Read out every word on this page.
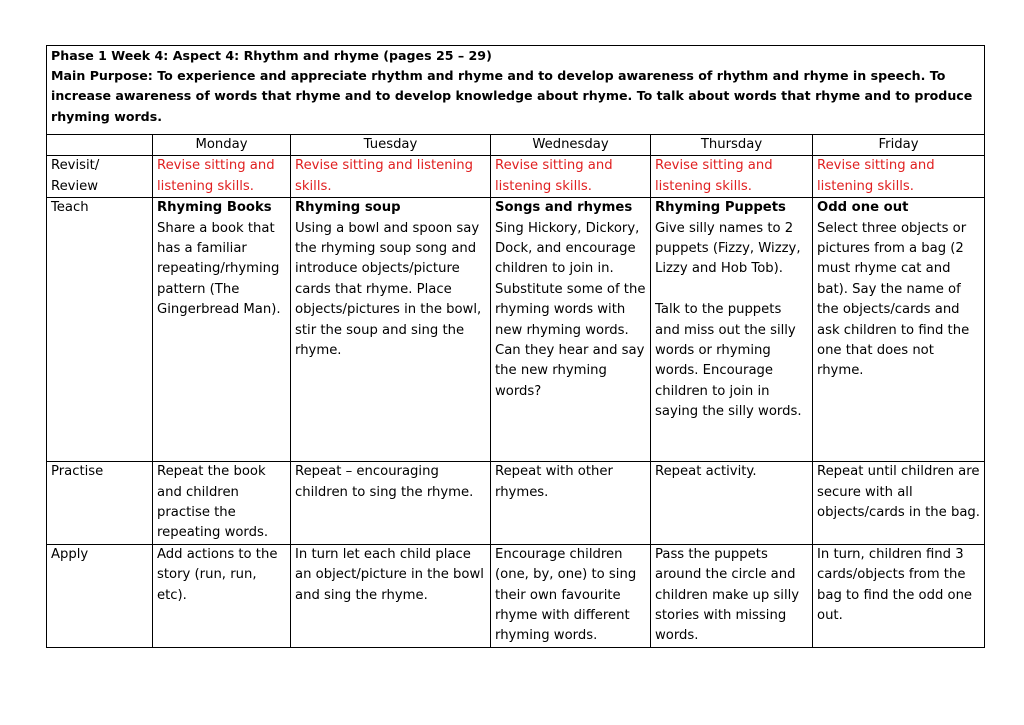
Phase 1 Week 4: Aspect 4: Rhythm and rhyme (pages 25 – 29)
Main Purpose: To experience and appreciate rhythm and rhyme and to develop awareness of rhythm and rhyme in speech. To increase awareness of words that rhyme and to develop knowledge about rhyme. To talk about words that rhyme and to produce rhyming words.					

	Monday	Tuesday	Wednesday	Thursday	Friday
Revisit/ Review	Revise sitting and listening skills.	Revise sitting and listening skills.	Revise sitting and listening skills.	Revise sitting and listening skills.	Revise sitting and listening skills.
Teach	Rhyming Books
Share a book that has a familiar repeating/rhyming pattern (The Gingerbread Man).	Rhyming soup
Using a bowl and spoon say the rhyming soup song and introduce objects/picture cards that rhyme. Place objects/pictures in the bowl, stir the soup and sing the rhyme.	Songs and rhymes
Sing Hickory, Dickory, Dock, and encourage children to join in. Substitute some of the rhyming words with new rhyming words. Can they hear and say the new rhyming words?	Rhyming Puppets
Give silly names to 2 puppets (Fizzy, Wizzy, Lizzy and Hob Tob).
Talk to the puppets and miss out the silly words or rhyming words. Encourage children to join in saying the silly words.	Odd one out
Select three objects or pictures from a bag (2 must rhyme cat and bat). Say the name of the objects/cards and ask children to find the one that does not rhyme.

Practise	Repeat the book and children practise the repeating words.	Repeat – encouraging children to sing the rhyme.	Repeat with other rhymes.	Repeat activity.	Repeat until children are secure with all objects/cards in the bag.
Apply	Add actions to the story (run, run, etc).	In turn let each child place an object/picture in the bowl and sing the rhyme.	Encourage children (one, by, one) to sing their own favourite rhyme with different rhyming words.	Pass the puppets around the circle and children make up silly stories with missing words.	In turn, children find 3 cards/objects from the bag to find the odd one out.
